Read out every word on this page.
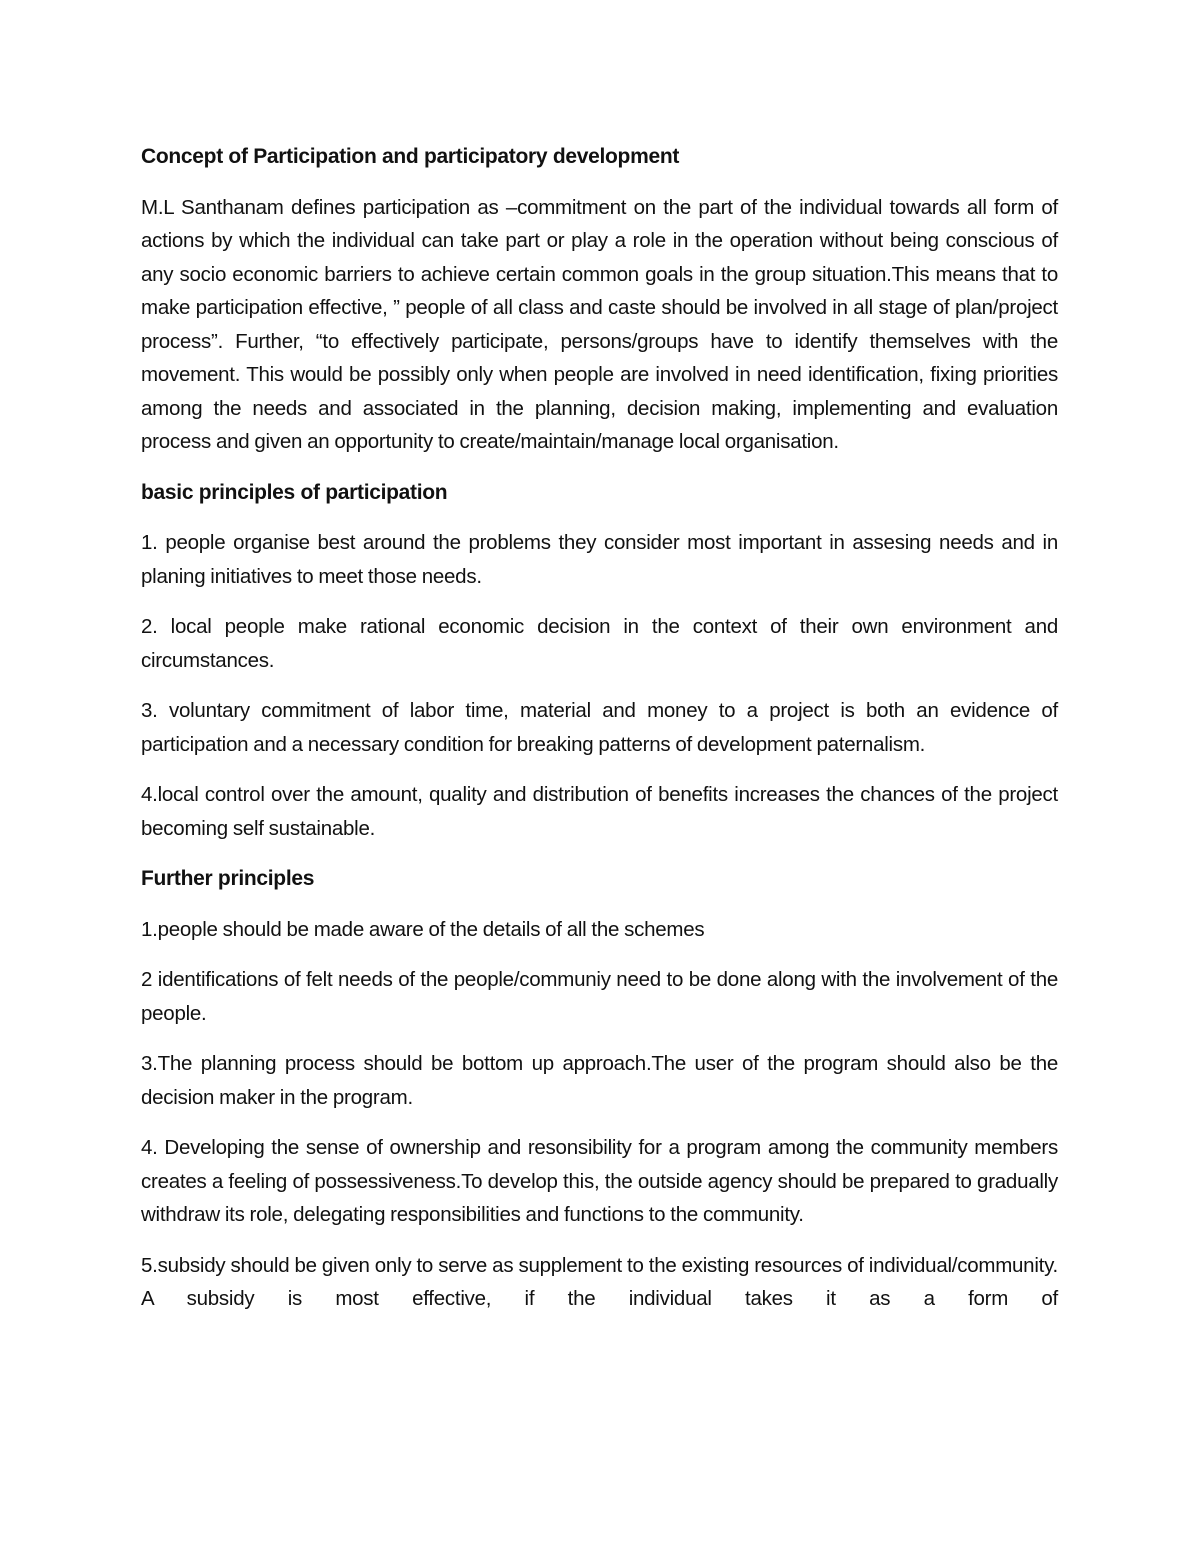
Concept of Participation and participatory development

M.L Santhanam defines participation as –commitment on the part of the individual towards all form of actions by which the individual can take part or play a role in the operation without being conscious of any socio economic barriers to achieve certain common goals in the group situation.This means that to make participation effective, ” people of all class and caste should be involved in all stage of plan/project process”. Further, “to effectively participate, persons/groups have to identify themselves with the movement. This would be possibly only when people are involved in need identification, fixing priorities among the needs and associated in the planning, decision making, implementing and evaluation process and given an opportunity to create/maintain/manage local organisation.

basic principles of participation

1. people organise best around the problems they consider most important in assesing needs and in planing initiatives to meet those needs.

2. local people make rational economic decision in the context of their own environment and circumstances.

3. voluntary commitment of labor time, material and money to a project is both an evidence of participation and a necessary condition for breaking patterns of development paternalism.

4.local control over the amount, quality and distribution of benefits increases the chances of the project becoming self sustainable.

Further principles

1.people should be made aware of the details of all the schemes

2 identifications of felt needs of the people/communiy need to be done along with the involvement of the people.

3.The planning process should be bottom up approach.The user of the program should also be the decision maker in the program.

4. Developing the sense of ownership and resonsibility for a program among the community members creates a feeling of possessiveness.To develop this, the outside agency should be prepared to gradually withdraw its role, delegating responsibilities and functions to the community.

5.subsidy should be given only to serve as supplement to the existing resources of individual/community. A subsidy is most effective, if the individual takes it as a form of
